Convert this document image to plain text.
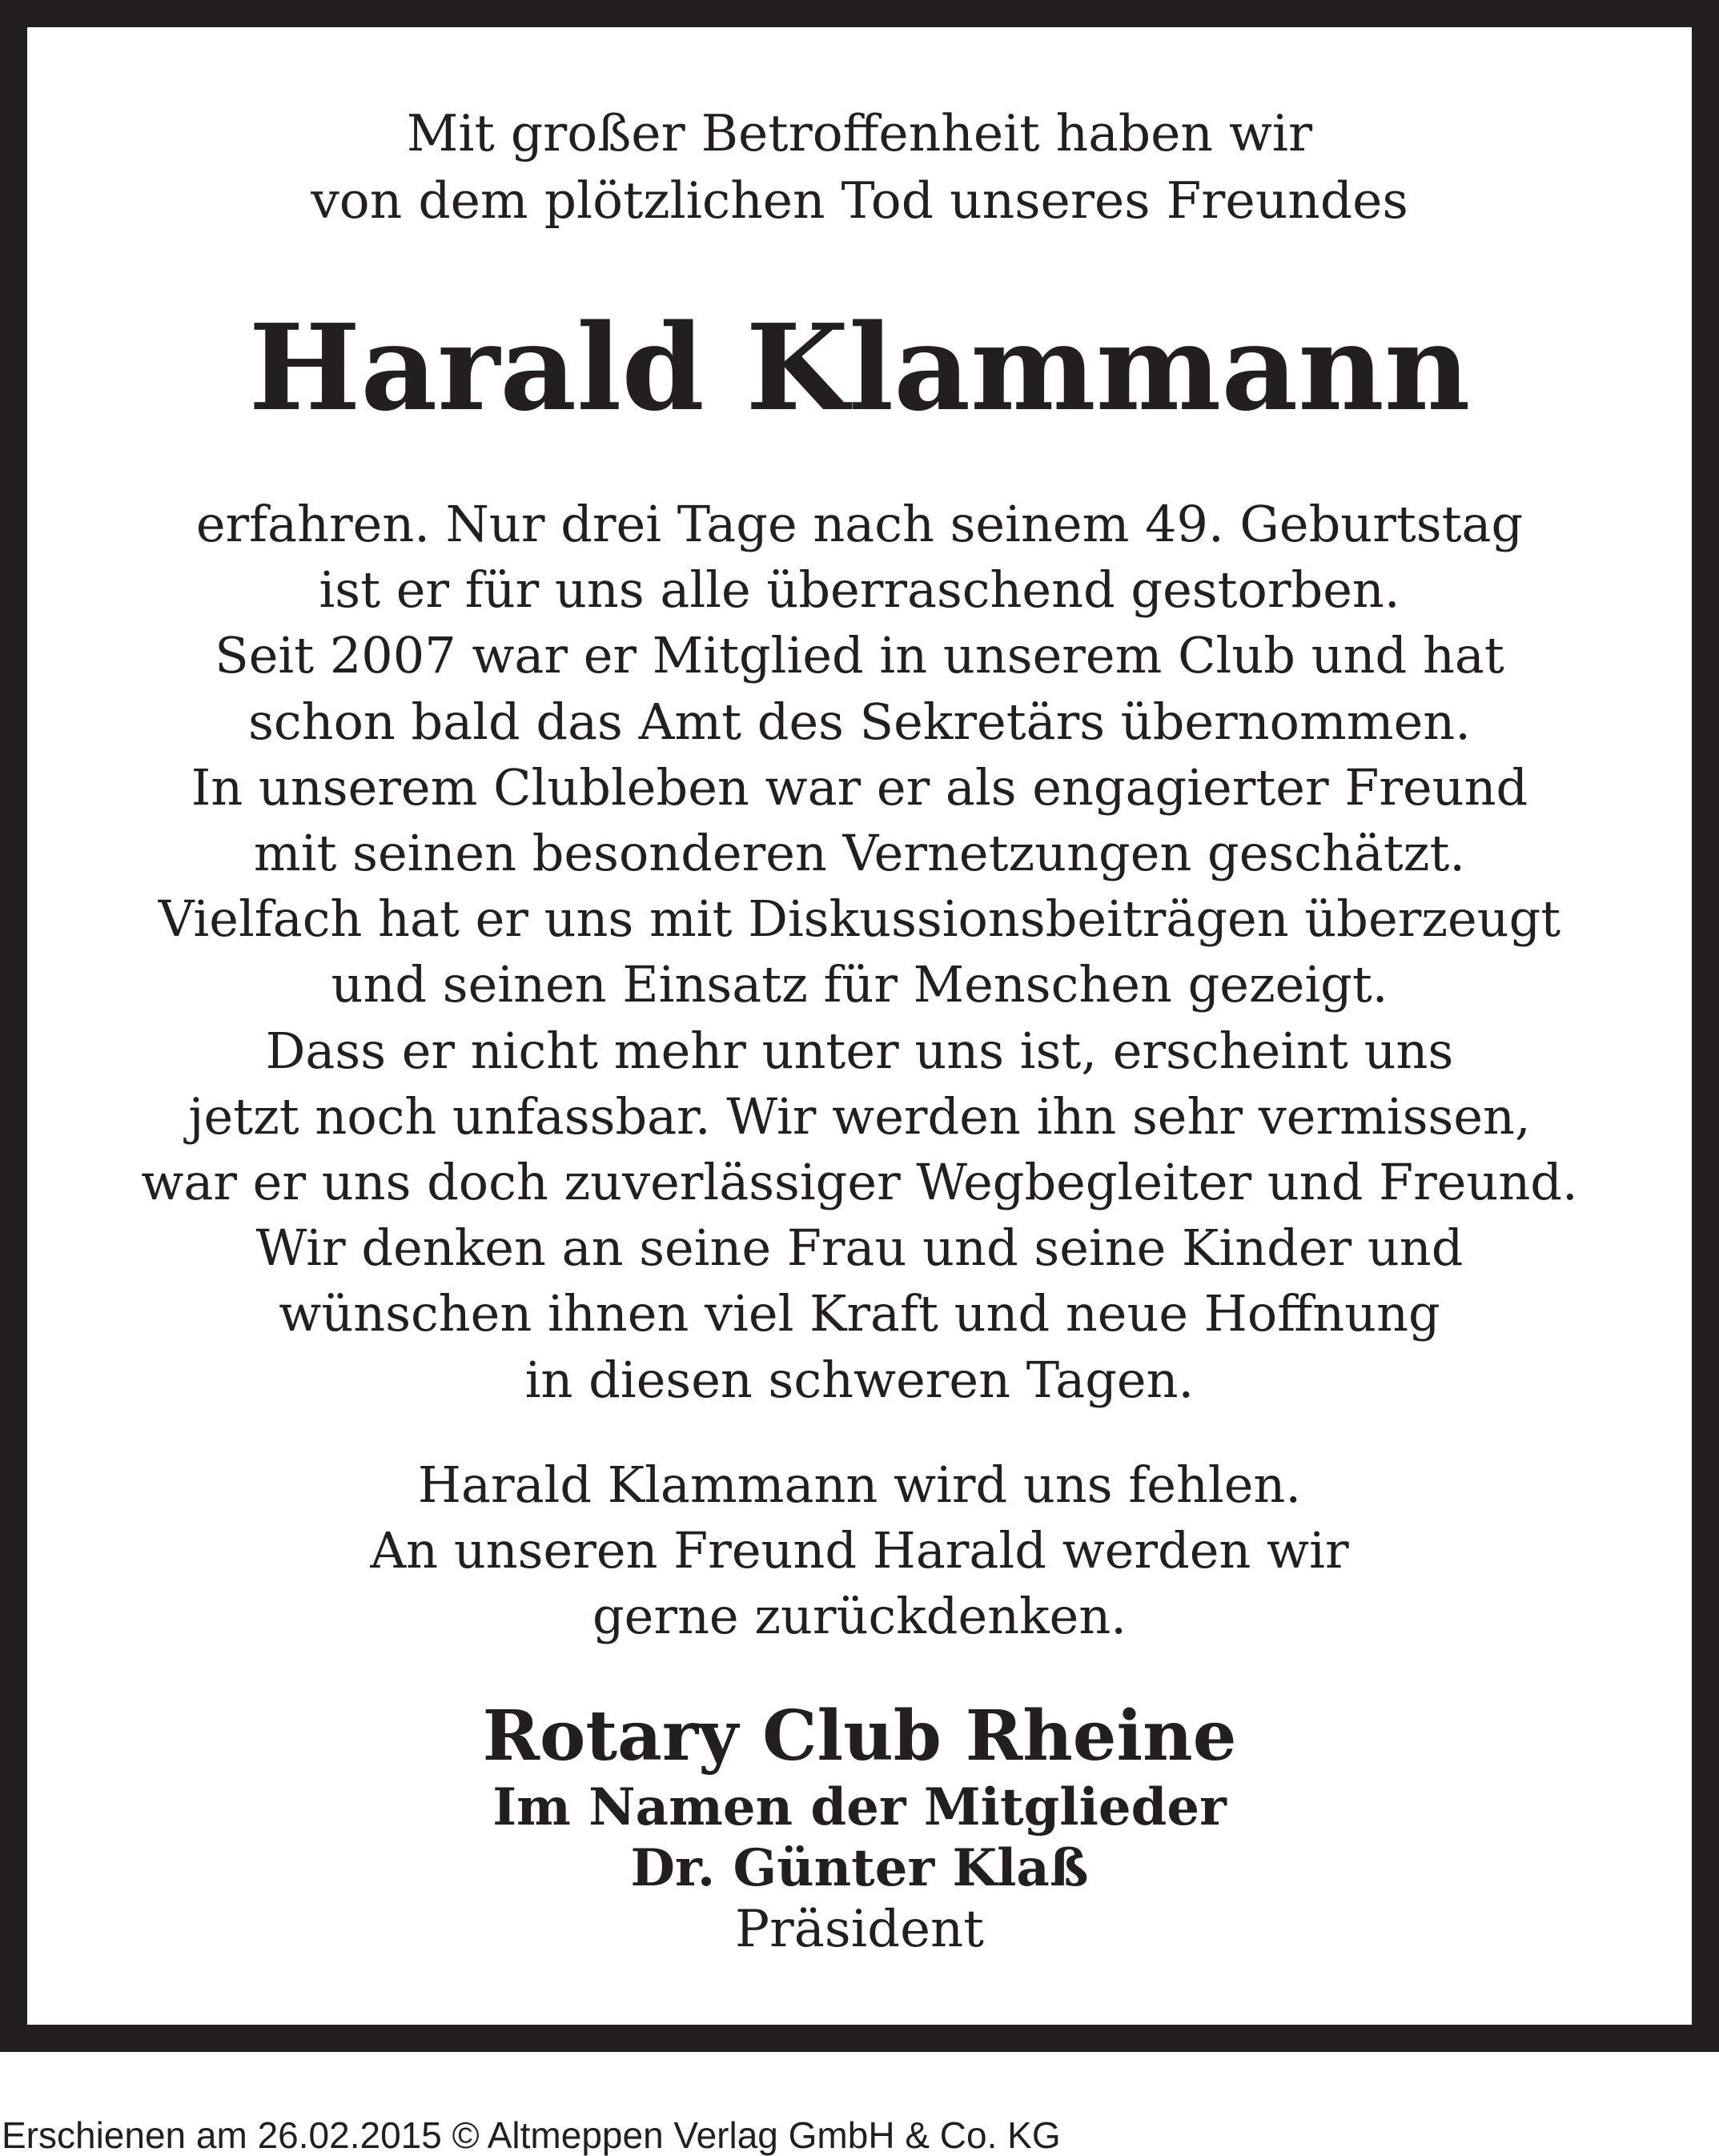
Mit großer Betroffenheit haben wir
von dem plötzlichen Tod unseres Freundes
Harald Klammann
erfahren. Nur drei Tage nach seinem 49. Geburtstag
ist er für uns alle überraschend gestorben.
Seit 2007 war er Mitglied in unserem Club und hat
schon bald das Amt des Sekretärs übernommen.
In unserem Clubleben war er als engagierter Freund
mit seinen besonderen Vernetzungen geschätzt.
Vielfach hat er uns mit Diskussionsbeiträgen überzeugt
und seinen Einsatz für Menschen gezeigt.
Dass er nicht mehr unter uns ist, erscheint uns
jetzt noch unfassbar. Wir werden ihn sehr vermissen,
war er uns doch zuverlässiger Wegbegleiter und Freund.
Wir denken an seine Frau und seine Kinder und
wünschen ihnen viel Kraft und neue Hoffnung
in diesen schweren Tagen.
Harald Klammann wird uns fehlen.
An unseren Freund Harald werden wir
gerne zurückdenken.
Rotary Club Rheine
Im Namen der Mitglieder
Dr. Günter Klaß
Präsident
Erschienen am 26.02.2015 © Altmeppen Verlag GmbH & Co. KG
